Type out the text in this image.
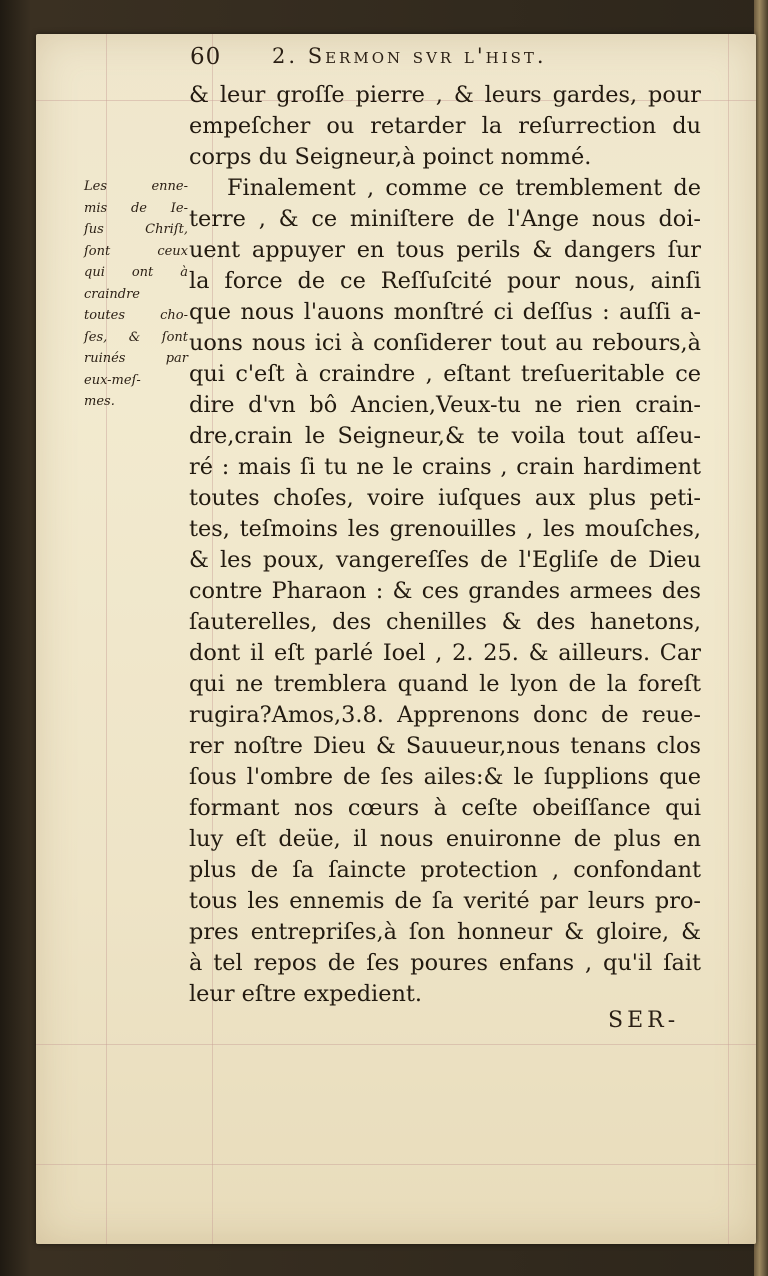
60 2. Sermon svr l'hist.
Les enne-
mis de Ie-
ſus Chriſt,
ſont ceux
qui ont à
craindre
toutes cho-
ſes, & ſont
ruinés par
eux-meſ-
mes.
& leur groſſe pierre , & leurs gardes, pour
empeſcher ou retarder la reſurrection du
corps du Seigneur,à poinct nommé.
Finalement , comme ce tremblement de
terre , & ce miniſtere de l'Ange nous doi-
uent appuyer en tous perils & dangers ſur
la force de ce Reſſuſcité pour nous, ainſi
que nous l'auons monſtré ci deſſus : auſſi a-
uons nous ici à conſiderer tout au rebours,à
qui c'eſt à craindre , eſtant treſueritable ce
dire d'vn bô Ancien,Veux-tu ne rien crain-
dre,crain le Seigneur,& te voila tout aſſeu-
ré : mais ſi tu ne le crains , crain hardiment
toutes choſes, voire iuſques aux plus peti-
tes, teſmoins les grenouilles , les mouſches,
& les poux, vangereſſes de l'Egliſe de Dieu
contre Pharaon : & ces grandes armees des
ſauterelles, des chenilles & des hanetons,
dont il eſt parlé Ioel , 2. 25. & ailleurs. Car
qui ne tremblera quand le lyon de la foreſt
rugira?Amos,3.8. Apprenons donc de reue-
rer noſtre Dieu & Sauueur,nous tenans clos
ſous l'ombre de ſes ailes:& le ſupplions que
formant nos cœurs à ceſte obeiſſance qui
luy eſt deüe, il nous enuironne de plus en
plus de ſa ſaincte protection , confondant
tous les ennemis de ſa verité par leurs pro-
pres entrepriſes,à ſon honneur & gloire, &
à tel repos de ſes poures enfans , qu'il ſait
leur eſtre expedient.
SER-
